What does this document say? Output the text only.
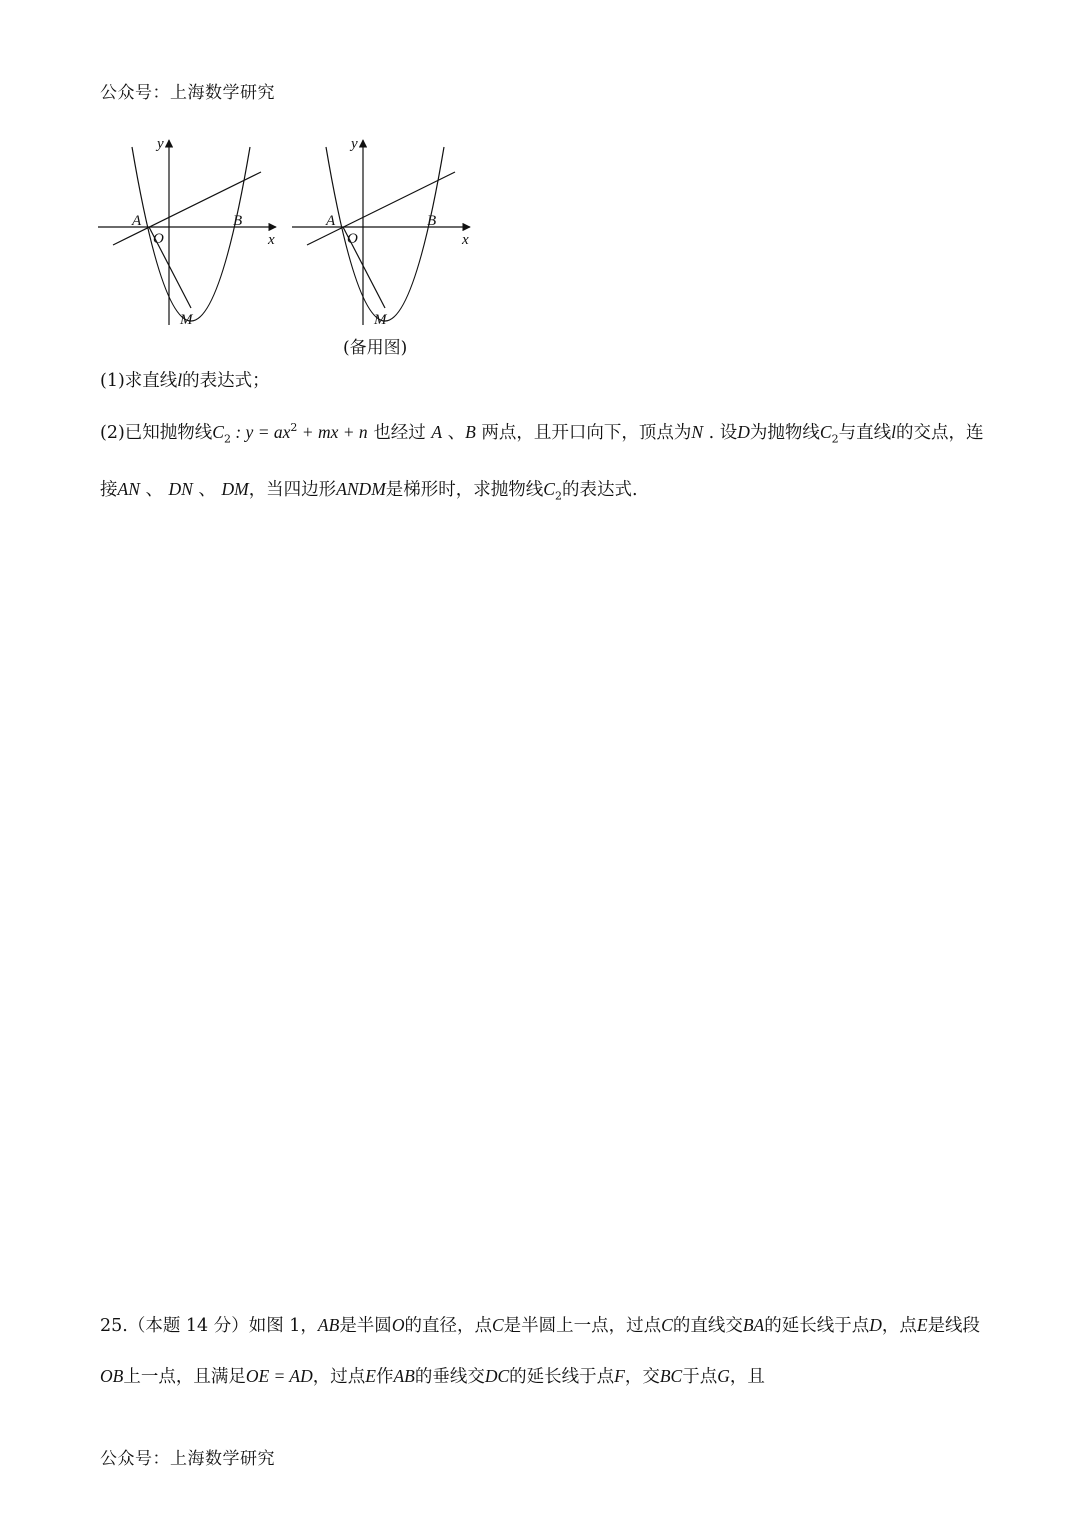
公众号：上海数学研究
y
x
A	B
O
M
y
x
A	B
O
M
(备用图)
(1)求直线l的表达式；
(2)已知抛物线$C_2$ : $y = ax^2$ + mx + n 也经过 A 、B 两点，且开口向下，顶点为N . 设D为抛物线$C_2$与直线l的交点，连接AN 、 DN 、 DM，当四边形ANDM是梯形时，求抛物线$C_2$的表达式.
25.（本题 14 分）如图 1，AB是半圆O的直径，点C是半圆上一点，过点C的直线交BA的延长线于点D，点E是线段OB上一点，且满足OE = AD，过点E作AB的垂线交DC的延长线于点F，交BC于点G，且
公众号：上海数学研究
